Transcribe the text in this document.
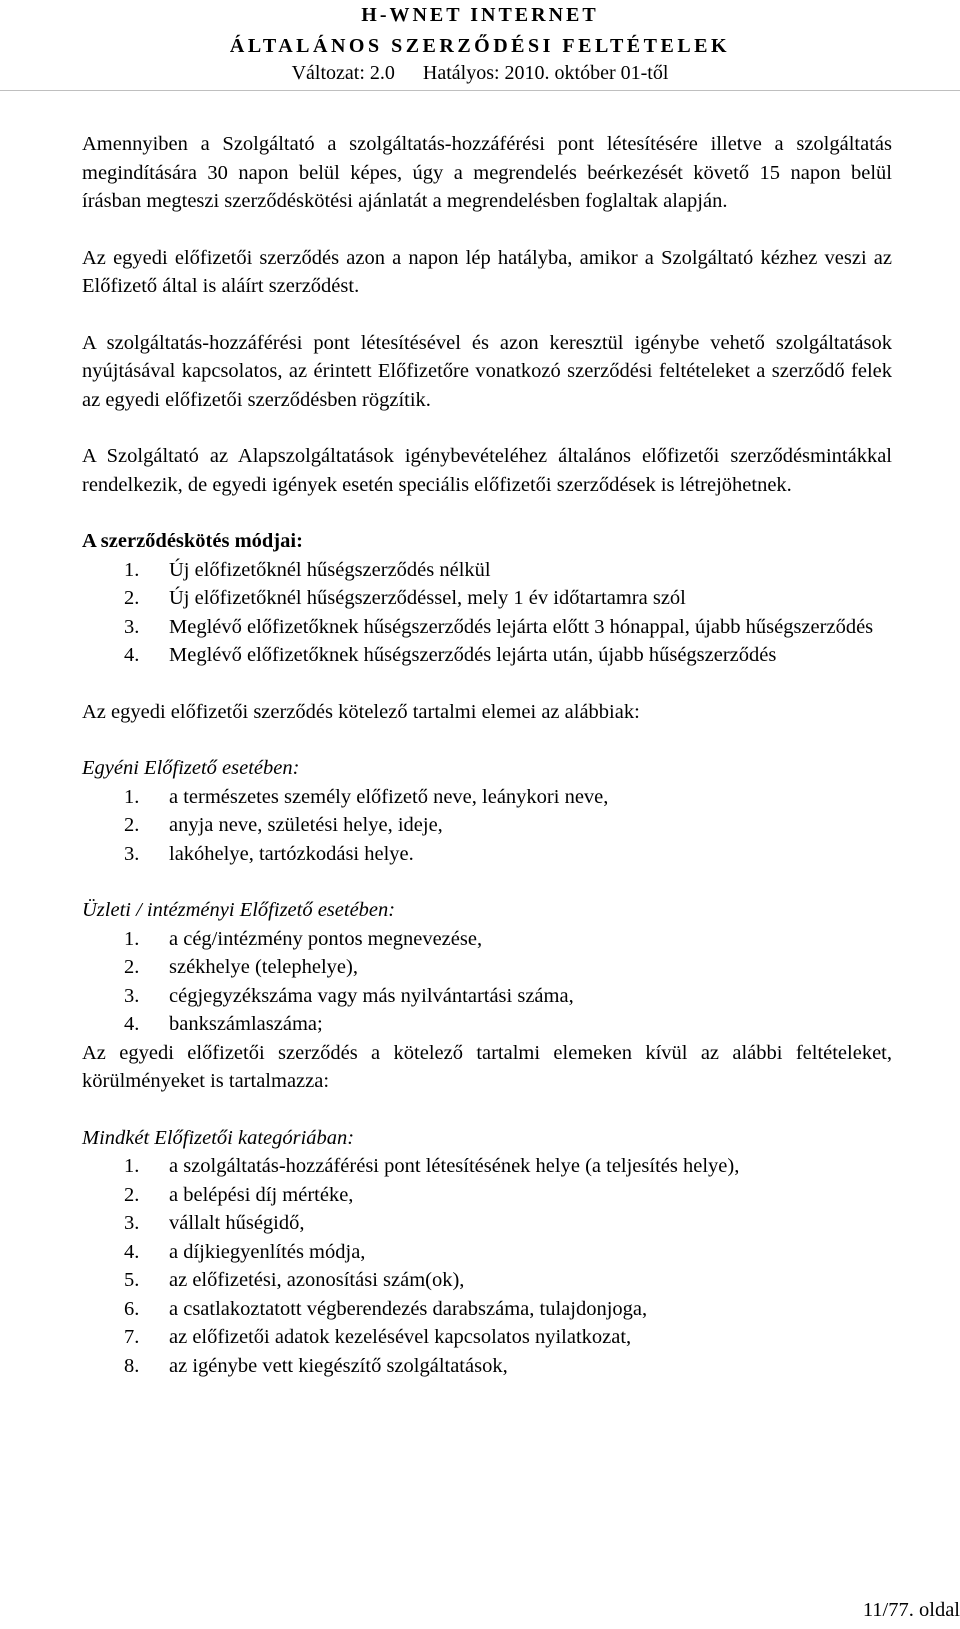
H-WNET INTERNET
ÁLTALÁNOS SZERZŐDÉSI FELTÉTELEK
Változat: 2.0 Hatályos: 2010. október 01-től

Amennyiben a Szolgáltató a szolgáltatás-hozzáférési pont létesítésére illetve a szolgáltatás megindítására 30 napon belül képes, úgy a megrendelés beérkezését követő 15 napon belül írásban megteszi szerződéskötési ajánlatát a megrendelésben foglaltak alapján.

Az egyedi előfizetői szerződés azon a napon lép hatályba, amikor a Szolgáltató kézhez veszi az Előfizető által is aláírt szerződést.

A szolgáltatás-hozzáférési pont létesítésével és azon keresztül igénybe vehető szolgáltatások nyújtásával kapcsolatos, az érintett Előfizetőre vonatkozó szerződési feltételeket a szerződő felek az egyedi előfizetői szerződésben rögzítik.

A Szolgáltató az Alapszolgáltatások igénybevételéhez általános előfizetői szerződésmintákkal rendelkezik, de egyedi igények esetén speciális előfizetői szerződések is létrejöhetnek.

A szerződéskötés módjai:

1.	Új előfizetőknél hűségszerződés nélkül
2.	Új előfizetőknél hűségszerződéssel, mely 1 év időtartamra szól
3.	Meglévő előfizetőknek hűségszerződés lejárta előtt 3 hónappal, újabb hűségszerződés
4.	Meglévő előfizetőknek hűségszerződés lejárta után, újabb hűségszerződés

Az egyedi előfizetői szerződés kötelező tartalmi elemei az alábbiak:

Egyéni Előfizető esetében:

1.	a természetes személy előfizető neve, leánykori neve,
2.	anyja neve, születési helye, ideje,
3.	lakóhelye, tartózkodási helye.

Üzleti / intézményi Előfizető esetében:

1.	a cég/intézmény pontos megnevezése,
2.	székhelye (telephelye),
3.	cégjegyzékszáma vagy más nyilvántartási száma,
4.	bankszámlaszáma;

Az egyedi előfizetői szerződés a kötelező tartalmi elemeken kívül az alábbi feltételeket, körülményeket is tartalmazza:

Mindkét Előfizetői kategóriában:

1.	a szolgáltatás-hozzáférési pont létesítésének helye (a teljesítés helye),
2.	a belépési díj mértéke,
3.	vállalt hűségidő,
4.	a díjkiegyenlítés módja,
5.	az előfizetési, azonosítási szám(ok),
6.	a csatlakoztatott végberendezés darabszáma, tulajdonjoga,
7.	az előfizetői adatok kezelésével kapcsolatos nyilatkozat,
8.	az igénybe vett kiegészítő szolgáltatások,
11/77. oldal
